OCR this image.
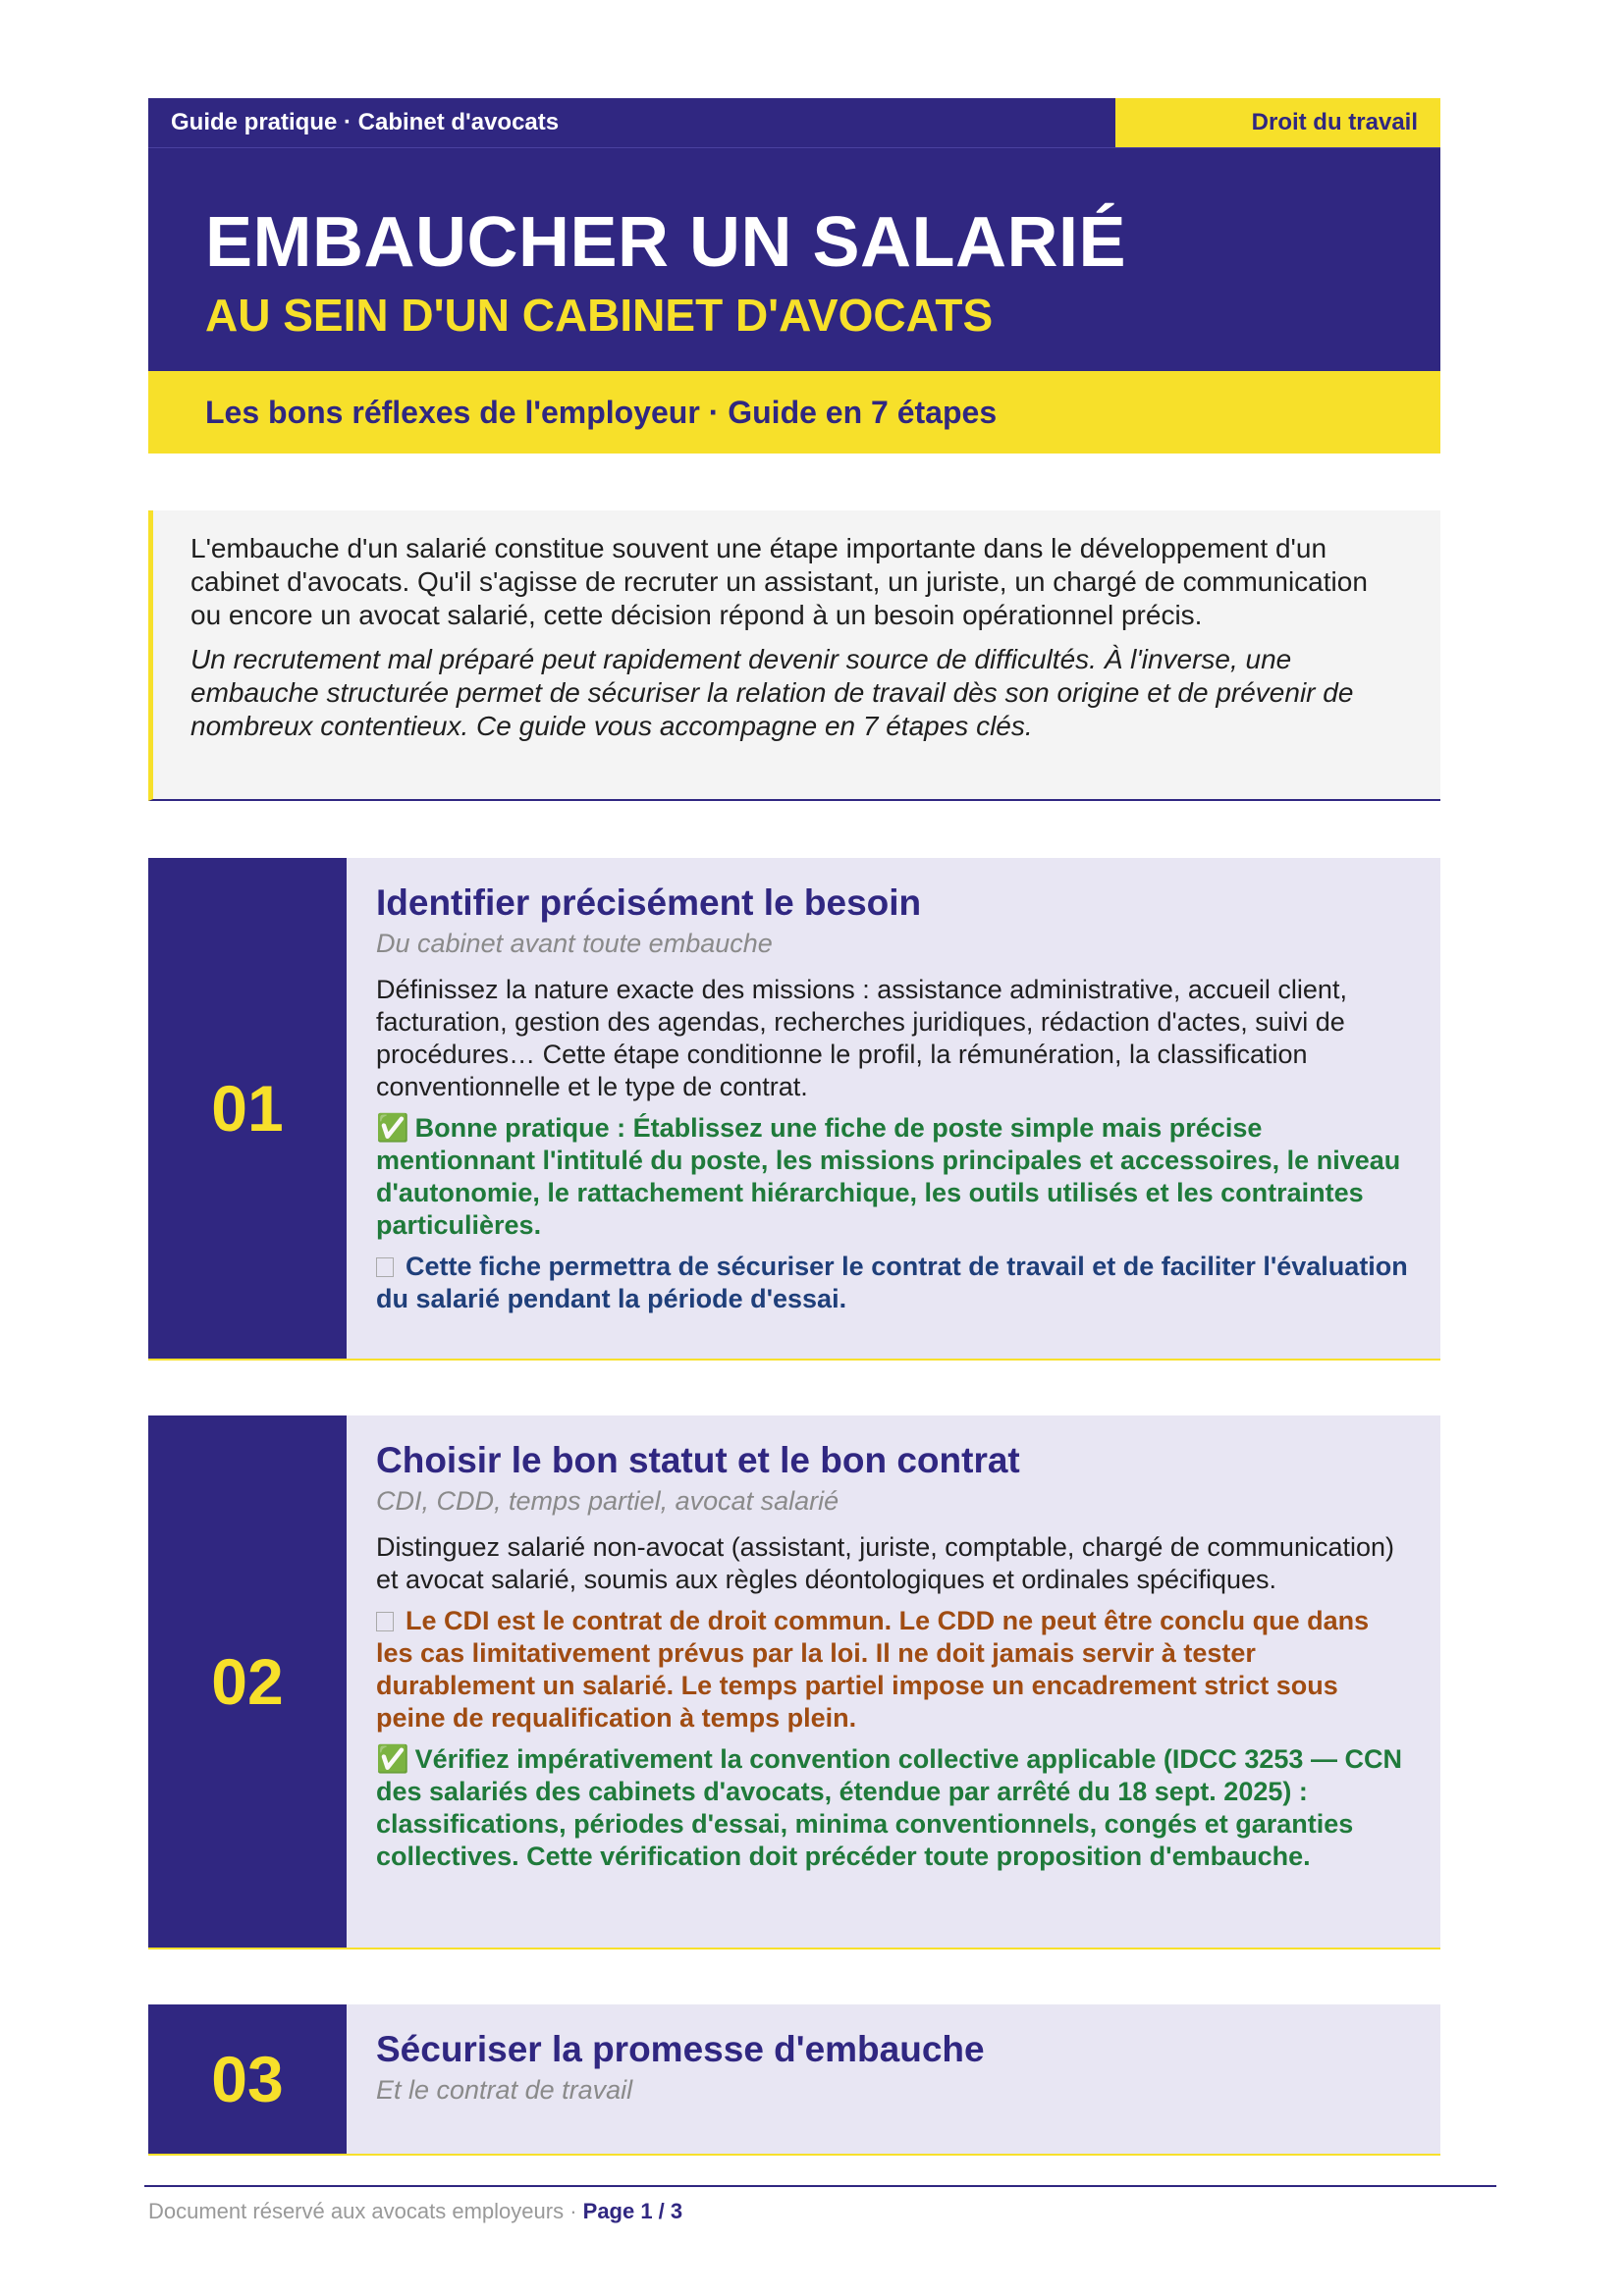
Guide pratique · Cabinet d'avocats	Droit du travail
EMBAUCHER UN SALARIÉ
AU SEIN D'UN CABINET D'AVOCATS
Les bons réflexes de l'employeur · Guide en 7 étapes

L'embauche d'un salarié constitue souvent une étape importante dans le développement d'un cabinet d'avocats. Qu'il s'agisse de recruter un assistant, un juriste, un chargé de communication ou encore un avocat salarié, cette décision répond à un besoin opérationnel précis.

Un recrutement mal préparé peut rapidement devenir source de difficultés. À l'inverse, une embauche structurée permet de sécuriser la relation de travail dès son origine et de prévenir de nombreux contentieux. Ce guide vous accompagne en 7 étapes clés.

01
Identifier précisément le besoin
Du cabinet avant toute embauche
Définissez la nature exacte des missions : assistance administrative, accueil client, facturation, gestion des agendas, recherches juridiques, rédaction d'actes, suivi de procédures… Cette étape conditionne le profil, la rémunération, la classification conventionnelle et le type de contrat.
✅ Bonne pratique : Établissez une fiche de poste simple mais précise mentionnant l'intitulé du poste, les missions principales et accessoires, le niveau d'autonomie, le rattachement hiérarchique, les outils utilisés et les contraintes particulières.
Cette fiche permettra de sécuriser le contrat de travail et de faciliter l'évaluation du salarié pendant la période d'essai.
02
Choisir le bon statut et le bon contrat
CDI, CDD, temps partiel, avocat salarié
Distinguez salarié non-avocat (assistant, juriste, comptable, chargé de communication) et avocat salarié, soumis aux règles déontologiques et ordinales spécifiques.
Le CDI est le contrat de droit commun. Le CDD ne peut être conclu que dans les cas limitativement prévus par la loi. Il ne doit jamais servir à tester durablement un salarié. Le temps partiel impose un encadrement strict sous peine de requalification à temps plein.
✅ Vérifiez impérativement la convention collective applicable (IDCC 3253 — CCN des salariés des cabinets d'avocats, étendue par arrêté du 18 sept. 2025) : classifications, périodes d'essai, minima conventionnels, congés et garanties collectives. Cette vérification doit précéder toute proposition d'embauche.
03	Sécuriser la promesse d'embauche
Et le contrat de travail
Document réservé aux avocats employeurs · Page 1 / 3
